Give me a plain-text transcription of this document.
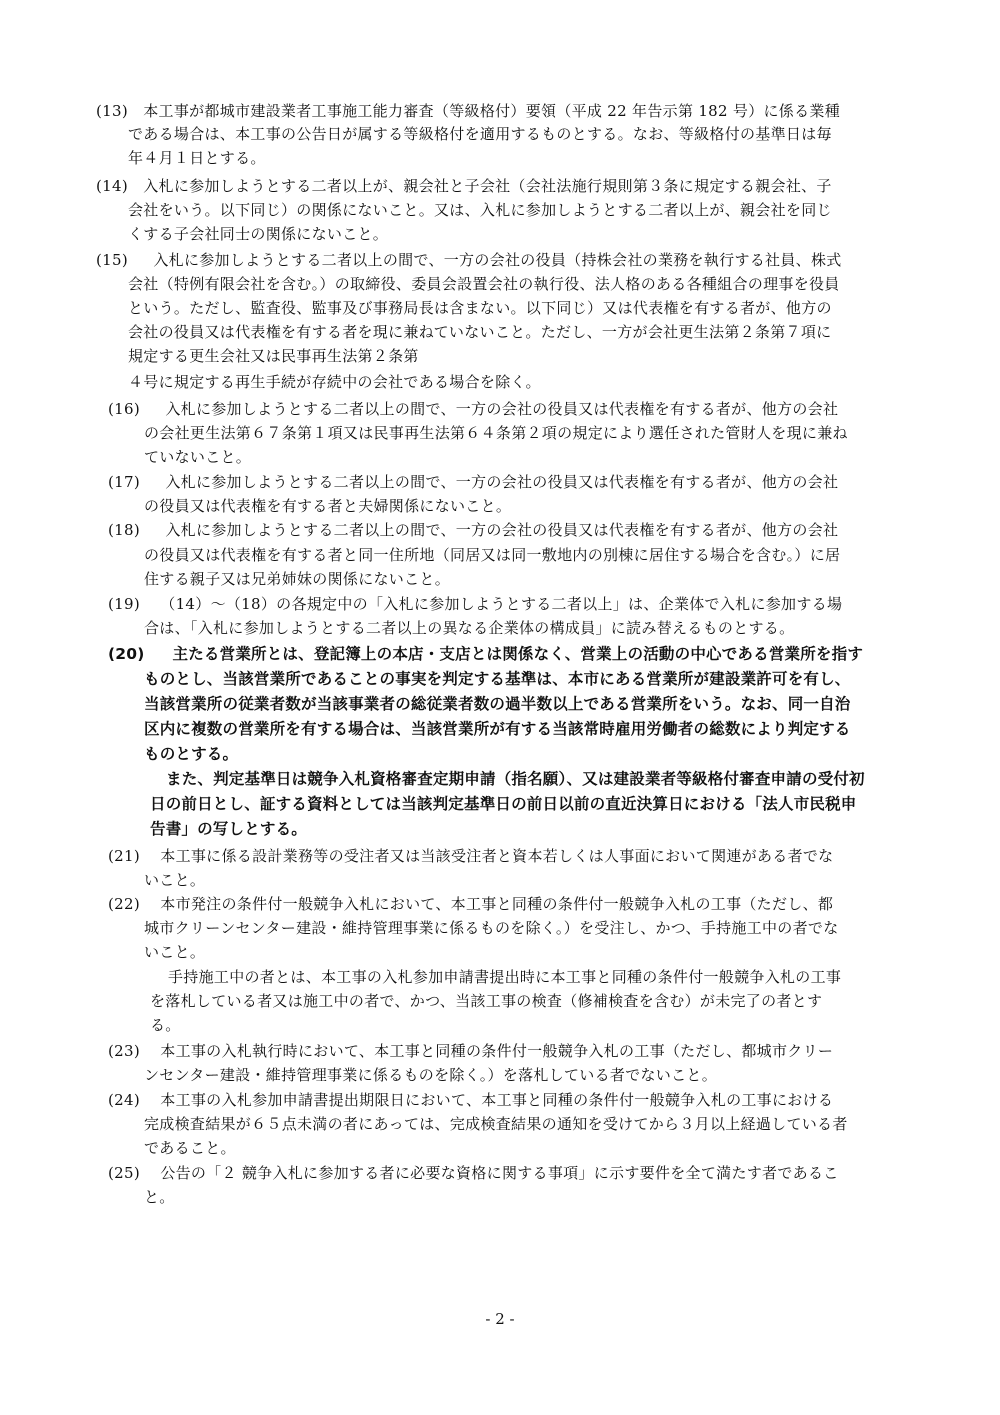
(13) 本工事が都城市建設業者工事施工能力審査（等級格付）要領（平成 22 年告示第 182 号）に係る業種
である場合は、本工事の公告日が属する等級格付を適用するものとする。なお、等級格付の基準日は毎
年４月１日とする。
(14) 入札に参加しようとする二者以上が、親会社と子会社（会社法施行規則第３条に規定する親会社、子
会社をいう。以下同じ）の関係にないこと。又は、入札に参加しようとする二者以上が、親会社を同じ
くする子会社同士の関係にないこと。
(15) 入札に参加しようとする二者以上の間で、一方の会社の役員（持株会社の業務を執行する社員、株式
会社（特例有限会社を含む。）の取締役、委員会設置会社の執行役、法人格のある各種組合の理事を役員
という。ただし、監査役、監事及び事務局長は含まない。以下同じ）又は代表権を有する者が、他方の
会社の役員又は代表権を有する者を現に兼ねていないこと。ただし、一方が会社更生法第２条第７項に
規定する更生会社又は民事再生法第２条第
４号に規定する再生手続が存続中の会社である場合を除く。
(16) 入札に参加しようとする二者以上の間で、一方の会社の役員又は代表権を有する者が、他方の会社
の会社更生法第６７条第１項又は民事再生法第６４条第２項の規定により選任された管財人を現に兼ね
ていないこと。
(17) 入札に参加しようとする二者以上の間で、一方の会社の役員又は代表権を有する者が、他方の会社
の役員又は代表権を有する者と夫婦関係にないこと。
(18) 入札に参加しようとする二者以上の間で、一方の会社の役員又は代表権を有する者が、他方の会社
の役員又は代表権を有する者と同一住所地（同居又は同一敷地内の別棟に居住する場合を含む。）に居
住する親子又は兄弟姉妹の関係にないこと。
(19) （14）～（18）の各規定中の「入札に参加しようとする二者以上」は、企業体で入札に参加する場
合は、「入札に参加しようとする二者以上の異なる企業体の構成員」に読み替えるものとする。
(20) 主たる営業所とは、登記簿上の本店・支店とは関係なく、営業上の活動の中心である営業所を指す
ものとし、当該営業所であることの事実を判定する基準は、本市にある営業所が建設業許可を有し、
当該営業所の従業者数が当該事業者の総従業者数の過半数以上である営業所をいう。なお、同一自治
区内に複数の営業所を有する場合は、当該営業所が有する当該常時雇用労働者の総数により判定する
ものとする。
また、判定基準日は競争入札資格審査定期申請（指名願）、又は建設業者等級格付審査申請の受付初
日の前日とし、証する資料としては当該判定基準日の前日以前の直近決算日における「法人市民税申
告書」の写しとする。
(21) 本工事に係る設計業務等の受注者又は当該受注者と資本若しくは人事面において関連がある者でな
いこと。
(22) 本市発注の条件付一般競争入札において、本工事と同種の条件付一般競争入札の工事（ただし、都
城市クリーンセンター建設・維持管理事業に係るものを除く。）を受注し、かつ、手持施工中の者でな
いこと。
手持施工中の者とは、本工事の入札参加申請書提出時に本工事と同種の条件付一般競争入札の工事
を落札している者又は施工中の者で、かつ、当該工事の検査（修補検査を含む）が未完了の者とす
る。
(23) 本工事の入札執行時において、本工事と同種の条件付一般競争入札の工事（ただし、都城市クリー
ンセンター建設・維持管理事業に係るものを除く。）を落札している者でないこと。
(24) 本工事の入札参加申請書提出期限日において、本工事と同種の条件付一般競争入札の工事における
完成検査結果が６５点未満の者にあっては、完成検査結果の通知を受けてから３月以上経過している者
であること。
(25) 公告の「２ 競争入札に参加する者に必要な資格に関する事項」に示す要件を全て満たす者であるこ
と。
- 2 -
